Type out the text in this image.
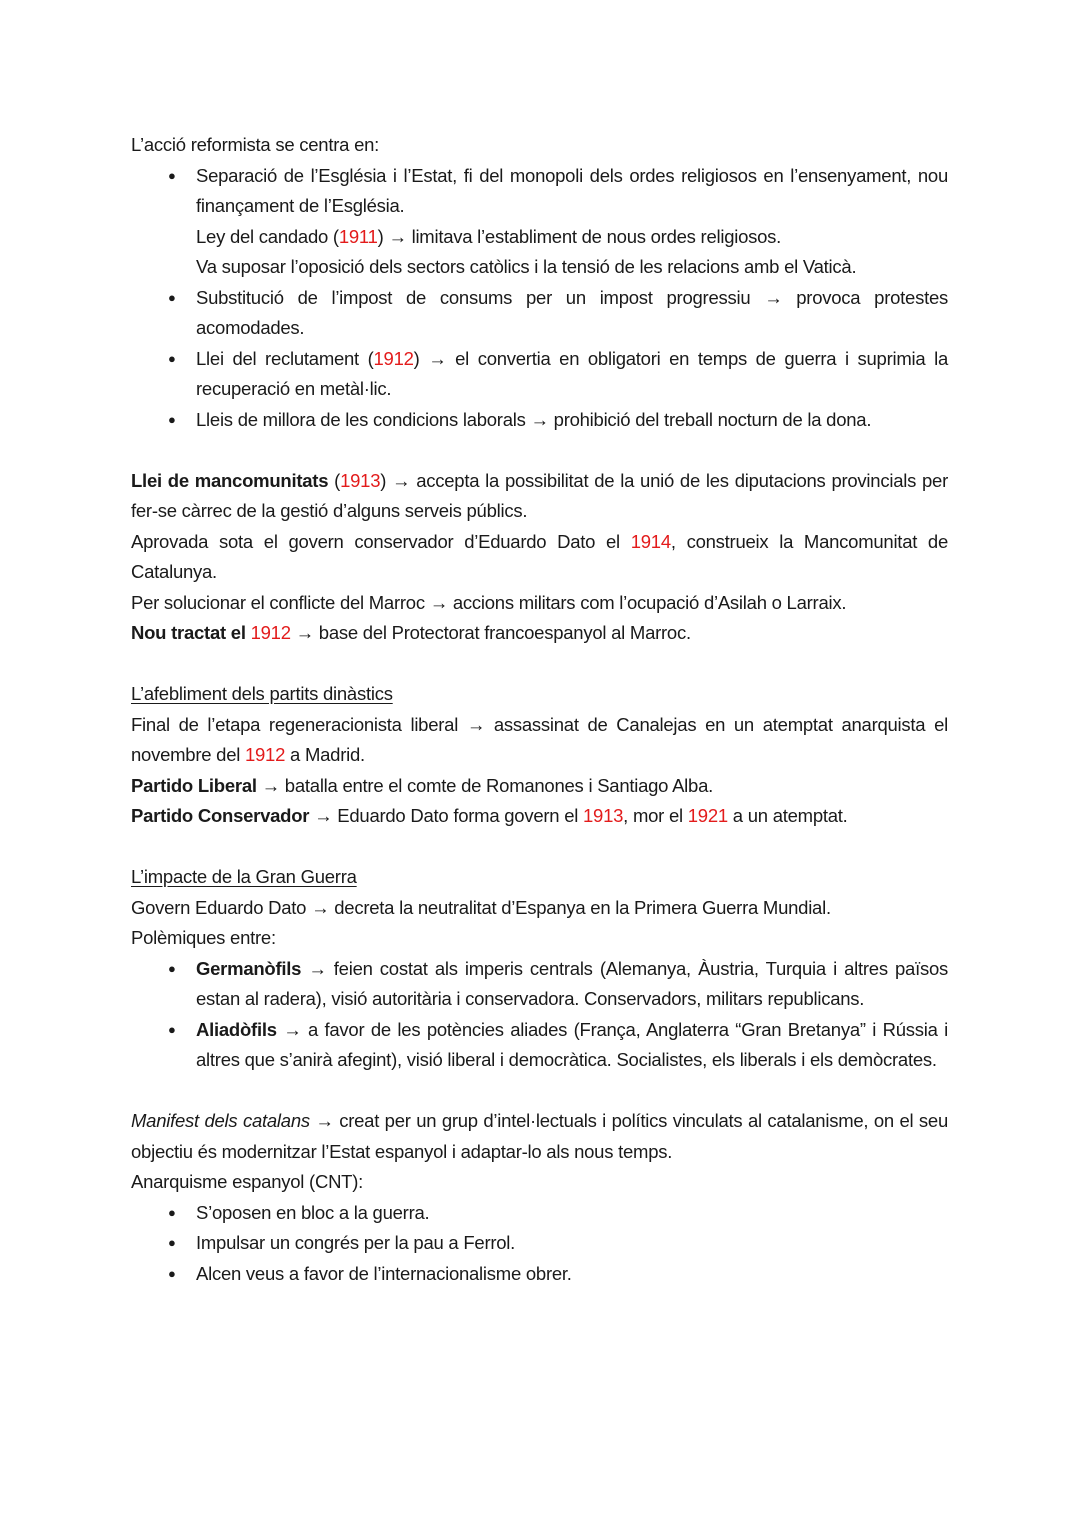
L’acció reformista se centra en:
● Separació de l’Església i l’Estat, fi del monopoli dels ordes religiosos en l’ensenyament, nou finançament de l’Església.
Ley del candado (1911) → limitava l’establiment de nous ordes religiosos.
Va suposar l’oposició dels sectors catòlics i la tensió de les relacions amb el Vaticà.
● Substitució de l’impost de consums per un impost progressiu → provoca protestes acomodades.
● Llei del reclutament (1912) → el convertia en obligatori en temps de guerra i suprimia la recuperació en metàl·lic.
● Lleis de millora de les condicions laborals → prohibició del treball nocturn de la dona.
Llei de mancomunitats (1913) → accepta la possibilitat de la unió de les diputacions provincials per fer-se càrrec de la gestió d’alguns serveis públics.
Aprovada sota el govern conservador d’Eduardo Dato el 1914, construeix la Mancomunitat de Catalunya.
Per solucionar el conflicte del Marroc → accions militars com l’ocupació d’Asilah o Larraix.
Nou tractat el 1912 → base del Protectorat francoespanyol al Marroc.
L’afebliment dels partits dinàstics
Final de l’etapa regeneracionista liberal → assassinat de Canalejas en un atemptat anarquista el novembre del 1912 a Madrid.
Partido Liberal → batalla entre el comte de Romanones i Santiago Alba.
Partido Conservador → Eduardo Dato forma govern el 1913, mor el 1921 a un atemptat.
L’impacte de la Gran Guerra
Govern Eduardo Dato → decreta la neutralitat d’Espanya en la Primera Guerra Mundial.
Polèmiques entre:
● Germanòfils → feien costat als imperis centrals (Alemanya, Àustria, Turquia i altres països estan al radera), visió autoritària i conservadora. Conservadors, militars republicans.
● Aliadòfils → a favor de les potències aliades (França, Anglaterra “Gran Bretanya” i Rússia i altres que s’anirà afegint), visió liberal i democràtica. Socialistes, els liberals i els demòcrates.
Manifest dels catalans → creat per un grup d’intel·lectuals i polítics vinculats al catalanisme, on el seu objectiu és modernitzar l’Estat espanyol i adaptar-lo als nous temps.
Anarquisme espanyol (CNT):
● S’oposen en bloc a la guerra.
● Impulsar un congrés per la pau a Ferrol.
● Alcen veus a favor de l’internacionalisme obrer.
